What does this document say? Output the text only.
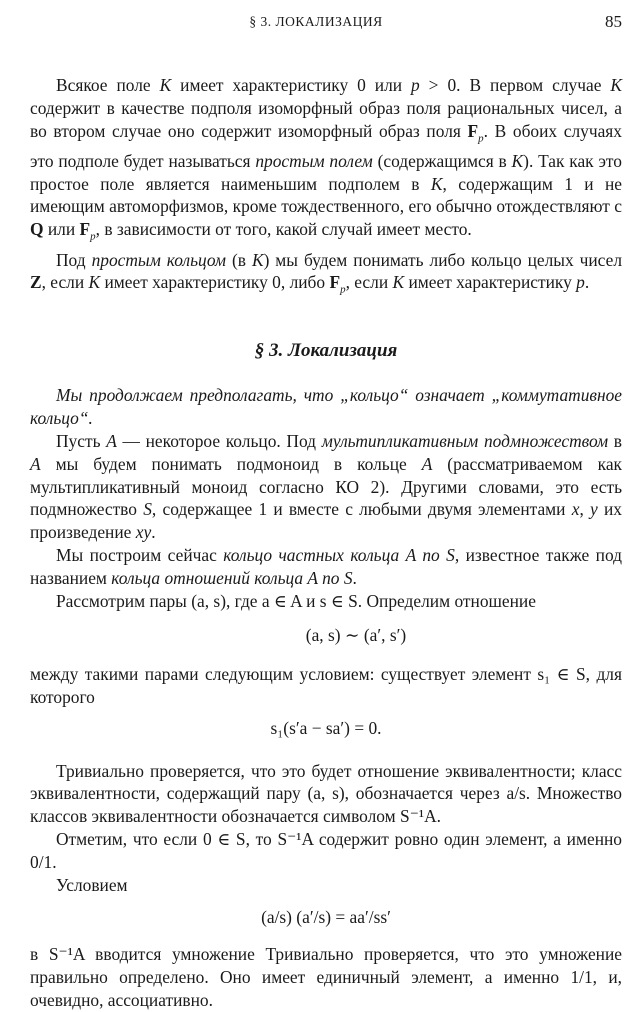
§ 3. ЛОКАЛИЗАЦИЯ	85

Всякое поле K имеет характеристику 0 или p > 0. В первом случае K содержит в качестве подполя изоморфный образ поля рациональных чисел, а во втором случае оно содержит изоморфный образ поля $F_p$. В обоих случаях это подполе будет называться простым полем (содержащимся в K). Так как это простое поле является наименьшим подполем в K, содержащим 1 и не имеющим автоморфизмов, кроме тождественного, его обычно отождествляют с Q или $F_p$, в зависимости от того, какой случай имеет место.

Под простым кольцом (в K) мы будем понимать либо кольцо целых чисел Z, если K имеет характеристику 0, либо $F_p$, если K имеет характеристику p.

§ 3. Локализация

Мы продолжаем предполагать, что „кольцо“ означает „коммутативное кольцо“.

Пусть A — некоторое кольцо. Под мультипликативным подмножеством в A мы будем понимать подмоноид в кольце A (рассматриваемом как мультипликативный моноид согласно КО 2). Другими словами, это есть подмножество S, содержащее 1 и вместе с любыми двумя элементами x, y их произведение xy.

Мы построим сейчас кольцо частных кольца A по S, известное также под названием кольца отношений кольца A по S.

Рассмотрим пары (a, s), где a ∈ A и s ∈ S. Определим отношение

(a, s) ∼ (a′, s′)

между такими парами следующим условием: существует элемент s₁ ∈ S, для которого

s₁(s′a − sa′) = 0.

Тривиально проверяется, что это будет отношение эквивалентности; класс эквивалентности, содержащий пару (a, s), обозначается через a/s. Множество классов эквивалентности обозначается символом S⁻¹A.

Отметим, что если 0 ∈ S, то S⁻¹A содержит ровно один элемент, а именно 0/1.

Условием

(a/s) (a′/s) = aa′/ss′

в S⁻¹A вводится умножение Тривиально проверяется, что это умножение правильно определено. Оно имеет единичный элемент, а именно 1/1, и, очевидно, ассоциативно.
